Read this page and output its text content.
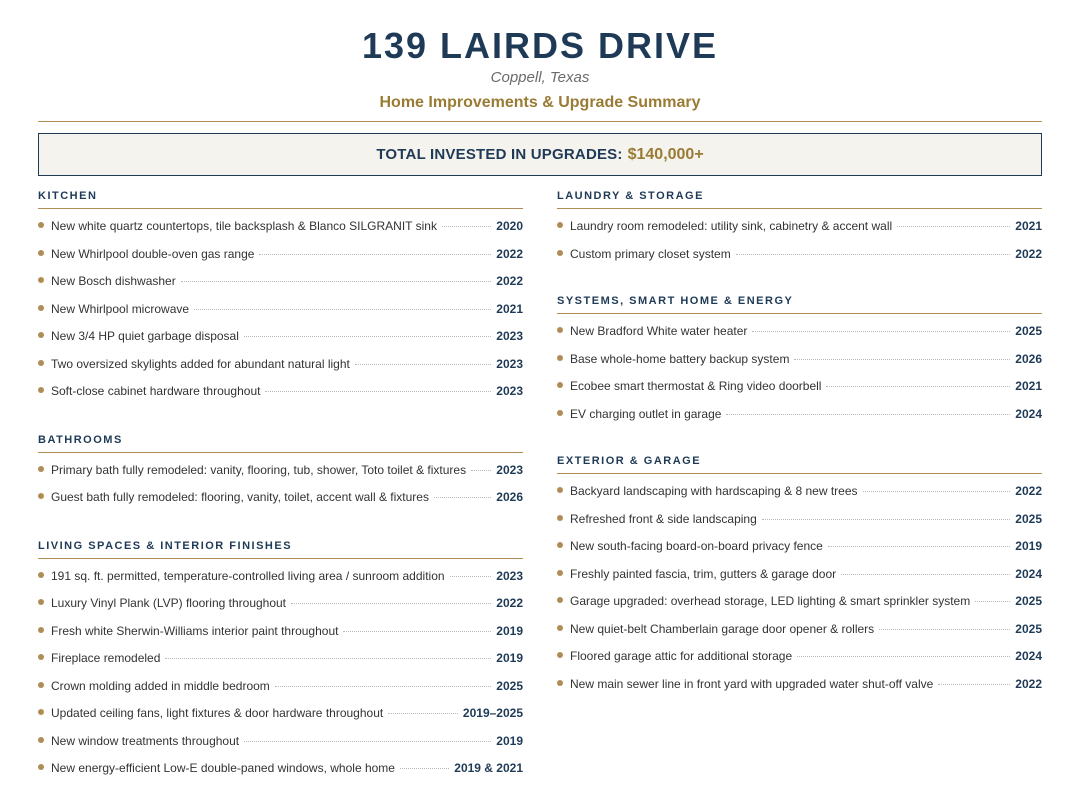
139 LAIRDS DRIVE
Coppell, Texas
Home Improvements & Upgrade Summary
TOTAL INVESTED IN UPGRADES: $140,000+
KITCHEN
New white quartz countertops, tile backsplash & Blanco SILGRANIT sink	2020
New Whirlpool double-oven gas range	2022
New Bosch dishwasher	2022
New Whirlpool microwave	2021
New 3/4 HP quiet garbage disposal	2023
Two oversized skylights added for abundant natural light	2023
Soft-close cabinet hardware throughout	2023
BATHROOMS
Primary bath fully remodeled: vanity, flooring, tub, shower, Toto toilet & fixtures	2023
Guest bath fully remodeled: flooring, vanity, toilet, accent wall & fixtures	2026
LIVING SPACES & INTERIOR FINISHES
191 sq. ft. permitted, temperature-controlled living area / sunroom addition	2023
Luxury Vinyl Plank (LVP) flooring throughout	2022
Fresh white Sherwin-Williams interior paint throughout	2019
Fireplace remodeled	2019
Crown molding added in middle bedroom	2025
Updated ceiling fans, light fixtures & door hardware throughout	2019–2025
New window treatments throughout	2019
New energy-efficient Low-E double-paned windows, whole home	2019 & 2021
LAUNDRY & STORAGE
Laundry room remodeled: utility sink, cabinetry & accent wall	2021
Custom primary closet system	2022
SYSTEMS, SMART HOME & ENERGY
New Bradford White water heater	2025
Base whole-home battery backup system	2026
Ecobee smart thermostat & Ring video doorbell	2021
EV charging outlet in garage	2024
EXTERIOR & GARAGE
Backyard landscaping with hardscaping & 8 new trees	2022
Refreshed front & side landscaping	2025
New south-facing board-on-board privacy fence	2019
Freshly painted fascia, trim, gutters & garage door	2024
Garage upgraded: overhead storage, LED lighting & smart sprinkler system	2025
New quiet-belt Chamberlain garage door opener & rollers	2025
Floored garage attic for additional storage	2024
New main sewer line in front yard with upgraded water shut-off valve	2022
